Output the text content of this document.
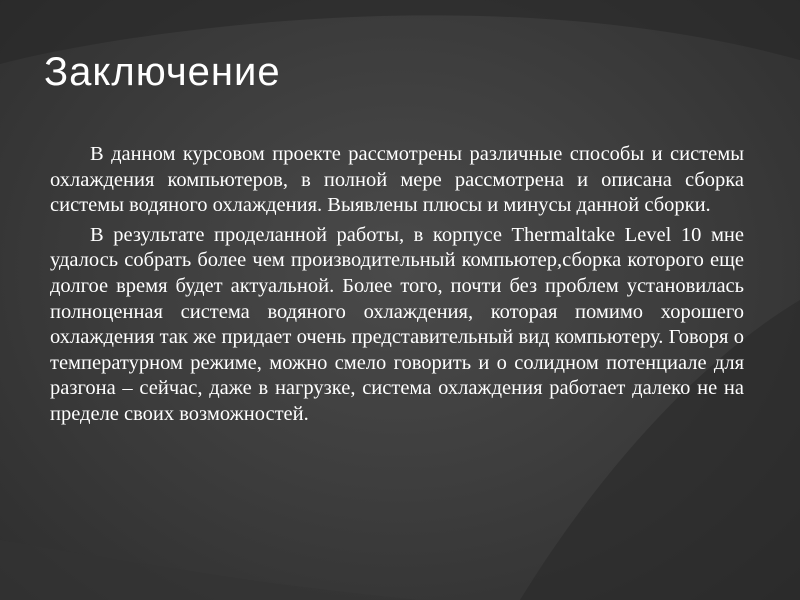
Заключение

В данном курсовом проекте рассмотрены различные способы и системы охлаждения компьютеров, в полной мере рассмотрена и описана сборка системы водяного охлаждения. Выявлены плюсы и минусы данной сборки.

В результате проделанной работы, в корпусе Thermaltake Level 10 мне удалось собрать более чем производительный компьютер,сборка которого еще долгое время будет актуальной. Более того, почти без проблем установилась полноценная система водяного охлаждения, которая помимо хорошего охлаждения так же придает очень представительный вид компьютеру. Говоря о температурном режиме, можно смело говорить и о солидном потенциале для разгона – сейчас, даже в нагрузке, система охлаждения работает далеко не на пределе своих возможностей.
